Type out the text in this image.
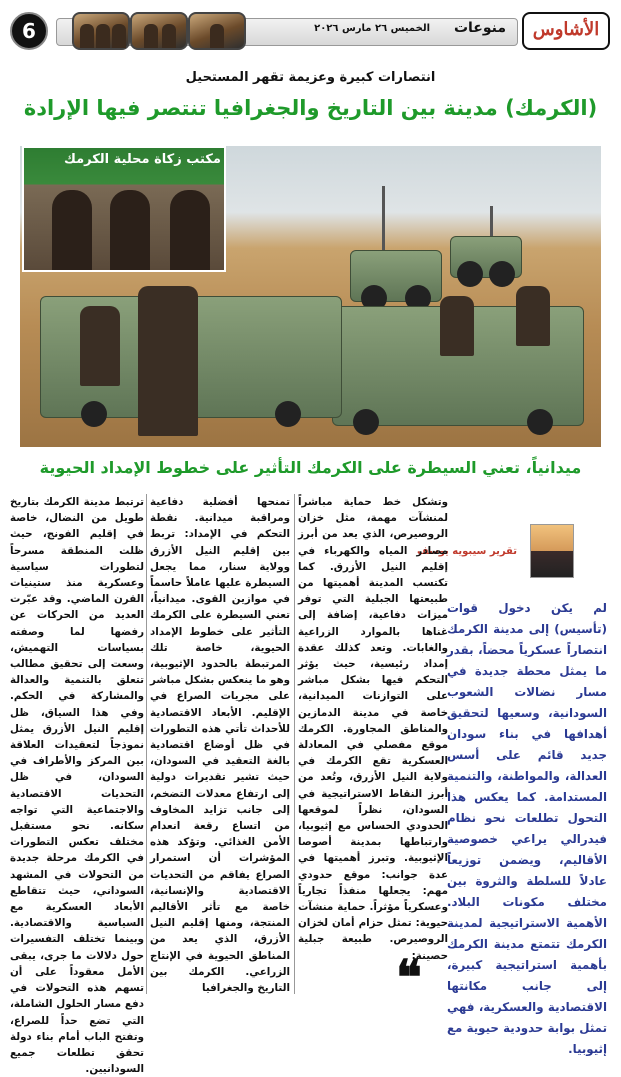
الأشاوس
منوعات
الخميس ٢٦ مارس ٢٠٢٦
6
انتصارات كبيرة وعزيمة تقهر المستحيل
(الكرمك) مدينة بين التاريخ والجغرافيا تنتصر فيها الإرادة
مكتب زكاة محلية الكرمك
ميدانياً، تعني السيطرة على الكرمك التأثير على خطوط الإمداد الحيوية
تقرير سيبويه يوسف
لم يكن دخول قوات (تأسيس) إلى مدينة الكرمك انتصاراً عسكرياً محضاً، بقدر ما يمثل محطة جديدة في مسار نضالات الشعوب السودانية، وسعيها لتحقيق أهدافها في بناء سودان جديد قائم على أسس العدالة، والمواطنة، والتنمية المستدامة. كما يعكس هذا التحول تطلعات نحو نظام فيدرالي يراعي خصوصية الأقاليم، ويضمن توزيعاً عادلاً للسلطة والثروة بين مختلف مكونات البلاد. الأهمية الاستراتيجية لمدينة الكرمك تتمتع مدينة الكرمك بأهمية استراتيجية كبيرة، إلى جانب مكانتها الاقتصادية والعسكرية، فهي تمثل بوابة حدودية حيوية مع إثيوبيا.
وتشكل خط حماية مباشراً لمنشآت مهمة، مثل خزان الروصيرص، الذي يعد من أبرز مصادر المياه والكهرباء في إقليم النيل الأزرق. كما تكتسب المدينة أهميتها من طبيعتها الجبلية التي توفر ميزات دفاعية، إضافة إلى غناها بالموارد الزراعية والغابات. وتعد كذلك عقدة إمداد رئيسية، حيث يؤثر التحكم فيها بشكل مباشر على التوازنات الميدانية، خاصة في مدينة الدمازين والمناطق المجاورة. الكرمك موقع مفصلي في المعادلة العسكرية تقع الكرمك في ولاية النيل الأزرق، وتُعد من أبرز النقاط الاستراتيجية في السودان، نظراً لموقعها الحدودي الحساس مع إثيوبيا، وارتباطها بمدينة أصوصا الإثيوبية. وتبرز أهميتها في عدة جوانب: موقع حدودي مهم: يجعلها منفذاً تجارياً وعسكرياً مؤثراً. حماية منشآت حيوية: تمثل حزام أمان لخزان الروصيرص. طبيعة جبلية حصينة:
تمنحها أفضلية دفاعية ومراقبة ميدانية. نقطة التحكم في الإمداد: تربط بين إقليم النيل الأزرق وولاية سنار، مما يجعل السيطرة عليها عاملاً حاسماً في موازين القوى. ميدانياً، تعني السيطرة على الكرمك التأثير على خطوط الإمداد الحيوية، خاصة تلك المرتبطة بالحدود الإثيوبية، وهو ما ينعكس بشكل مباشر على مجريات الصراع في الإقليم. الأبعاد الاقتصادية للأحداث تأتي هذه التطورات في ظل أوضاع اقتصادية بالغة التعقيد في السودان، حيث تشير تقديرات دولية إلى ارتفاع معدلات التضخم، إلى جانب تزايد المخاوف من اتساع رقعة انعدام الأمن الغذائي. وتؤكد هذه المؤشرات أن استمرار الصراع يفاقم من التحديات الاقتصادية والإنسانية، خاصة مع تأثر الأقاليم المنتجة، ومنها إقليم النيل الأزرق، الذي يعد من المناطق الحيوية في الإنتاج الزراعي. الكرمك بين التاريخ والجغرافيا
ترتبط مدينة الكرمك بتاريخ طويل من النضال، خاصة في إقليم الفونج، حيث ظلت المنطقة مسرحاً لتطورات سياسية وعسكرية منذ ستينيات القرن الماضي. وقد عبّرت العديد من الحركات عن رفضها لما وصفته بسياسات التهميش، وسعت إلى تحقيق مطالب تتعلق بالتنمية والعدالة والمشاركة في الحكم. وفي هذا السياق، ظل إقليم النيل الأزرق يمثل نموذجاً لتعقيدات العلاقة بين المركز والأطراف في السودان، في ظل التحديات الاقتصادية والاجتماعية التي تواجه سكانه. نحو مستقبل مختلف تعكس التطورات في الكرمك مرحلة جديدة من التحولات في المشهد السوداني، حيث تتقاطع الأبعاد العسكرية مع السياسية والاقتصادية. وبينما تختلف التفسيرات حول دلالات ما جرى، يبقى الأمل معقوداً على أن تسهم هذه التحولات في دفع مسار الحلول الشاملة، التي تضع حداً للصراع، وتفتح الباب أمام بناء دولة تحقق تطلعات جميع السودانيين.
❝
